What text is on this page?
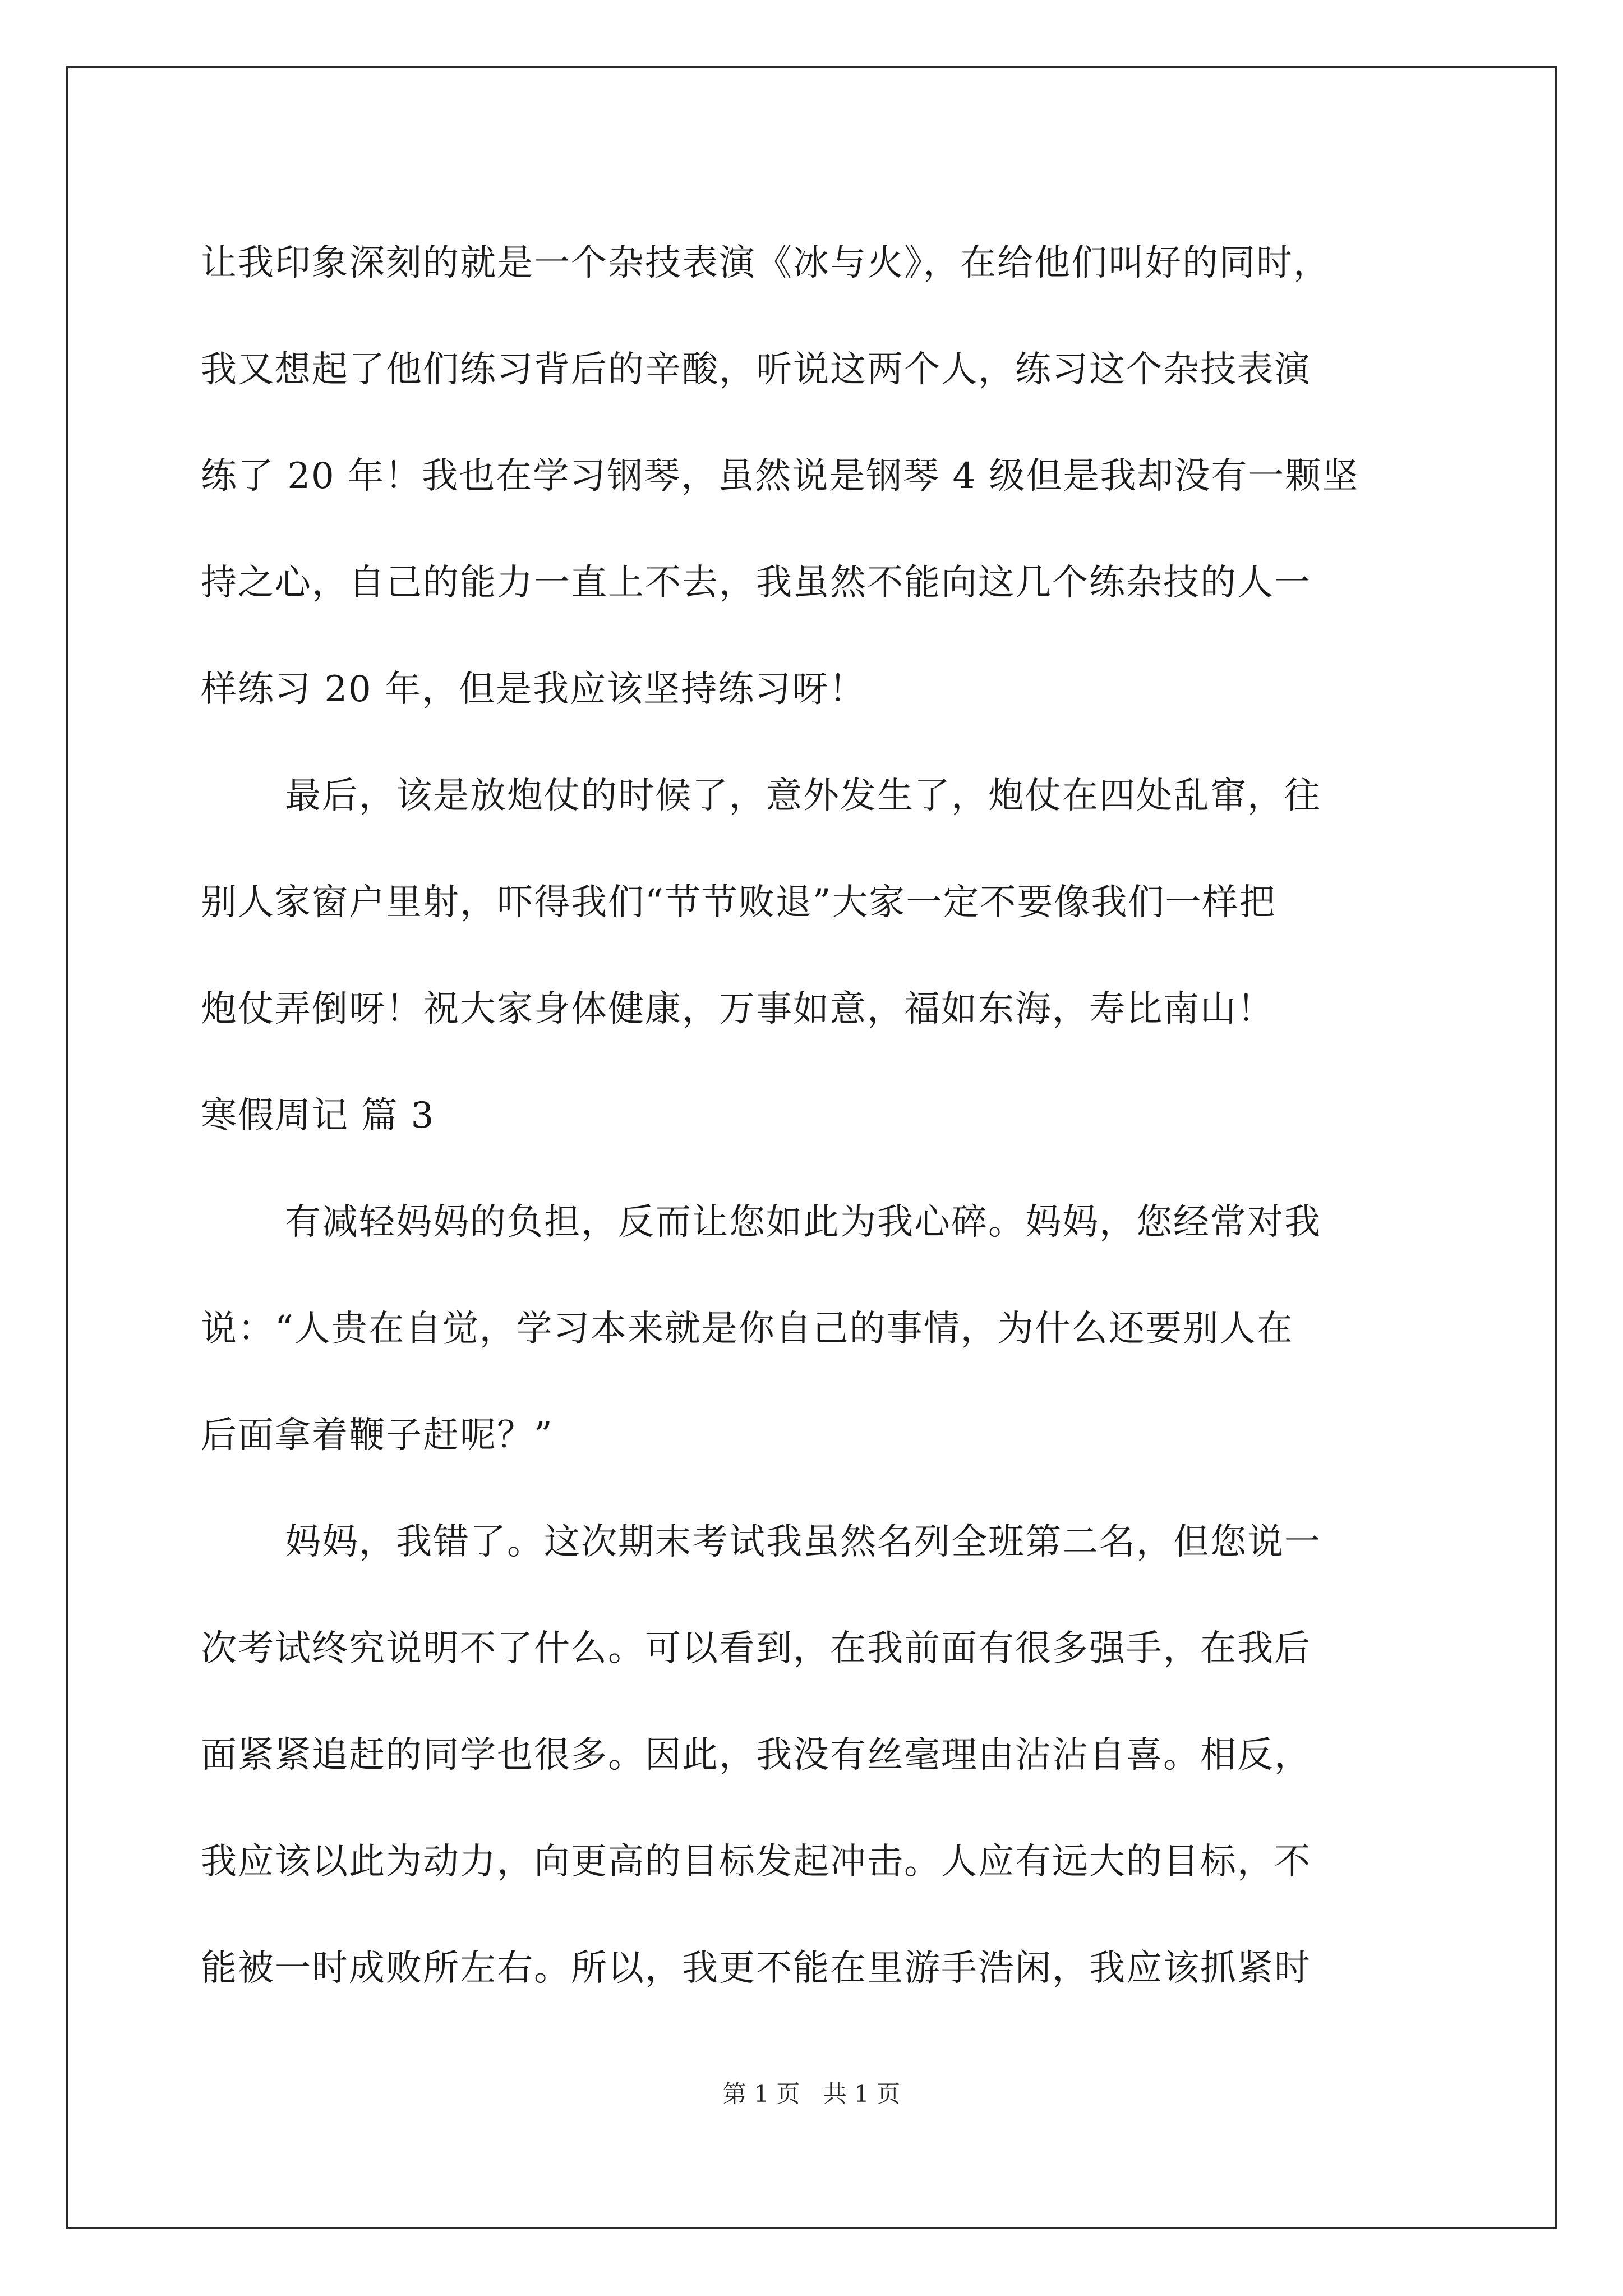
让我印象深刻的就是一个杂技表演《冰与火》，在给他们叫好的同时，
我又想起了他们练习背后的辛酸，听说这两个人，练习这个杂技表演
练了 20 年！我也在学习钢琴，虽然说是钢琴 4 级但是我却没有一颗坚
持之心，自己的能力一直上不去，我虽然不能向这几个练杂技的人一
样练习 20 年，但是我应该坚持练习呀！
最后，该是放炮仗的时候了，意外发生了，炮仗在四处乱窜，往
别人家窗户里射，吓得我们“节节败退”大家一定不要像我们一样把
炮仗弄倒呀！祝大家身体健康，万事如意，福如东海，寿比南山！
寒假周记 篇 3
有减轻妈妈的负担，反而让您如此为我心碎。妈妈，您经常对我
说：“人贵在自觉，学习本来就是你自己的事情，为什么还要别人在
后面拿着鞭子赶呢？”
妈妈，我错了。这次期末考试我虽然名列全班第二名，但您说一
次考试终究说明不了什么。可以看到，在我前面有很多强手，在我后
面紧紧追赶的同学也很多。因此，我没有丝毫理由沾沾自喜。相反，
我应该以此为动力，向更高的目标发起冲击。人应有远大的目标，不
能被一时成败所左右。所以，我更不能在里游手浩闲，我应该抓紧时
第 1 页 共 1 页
